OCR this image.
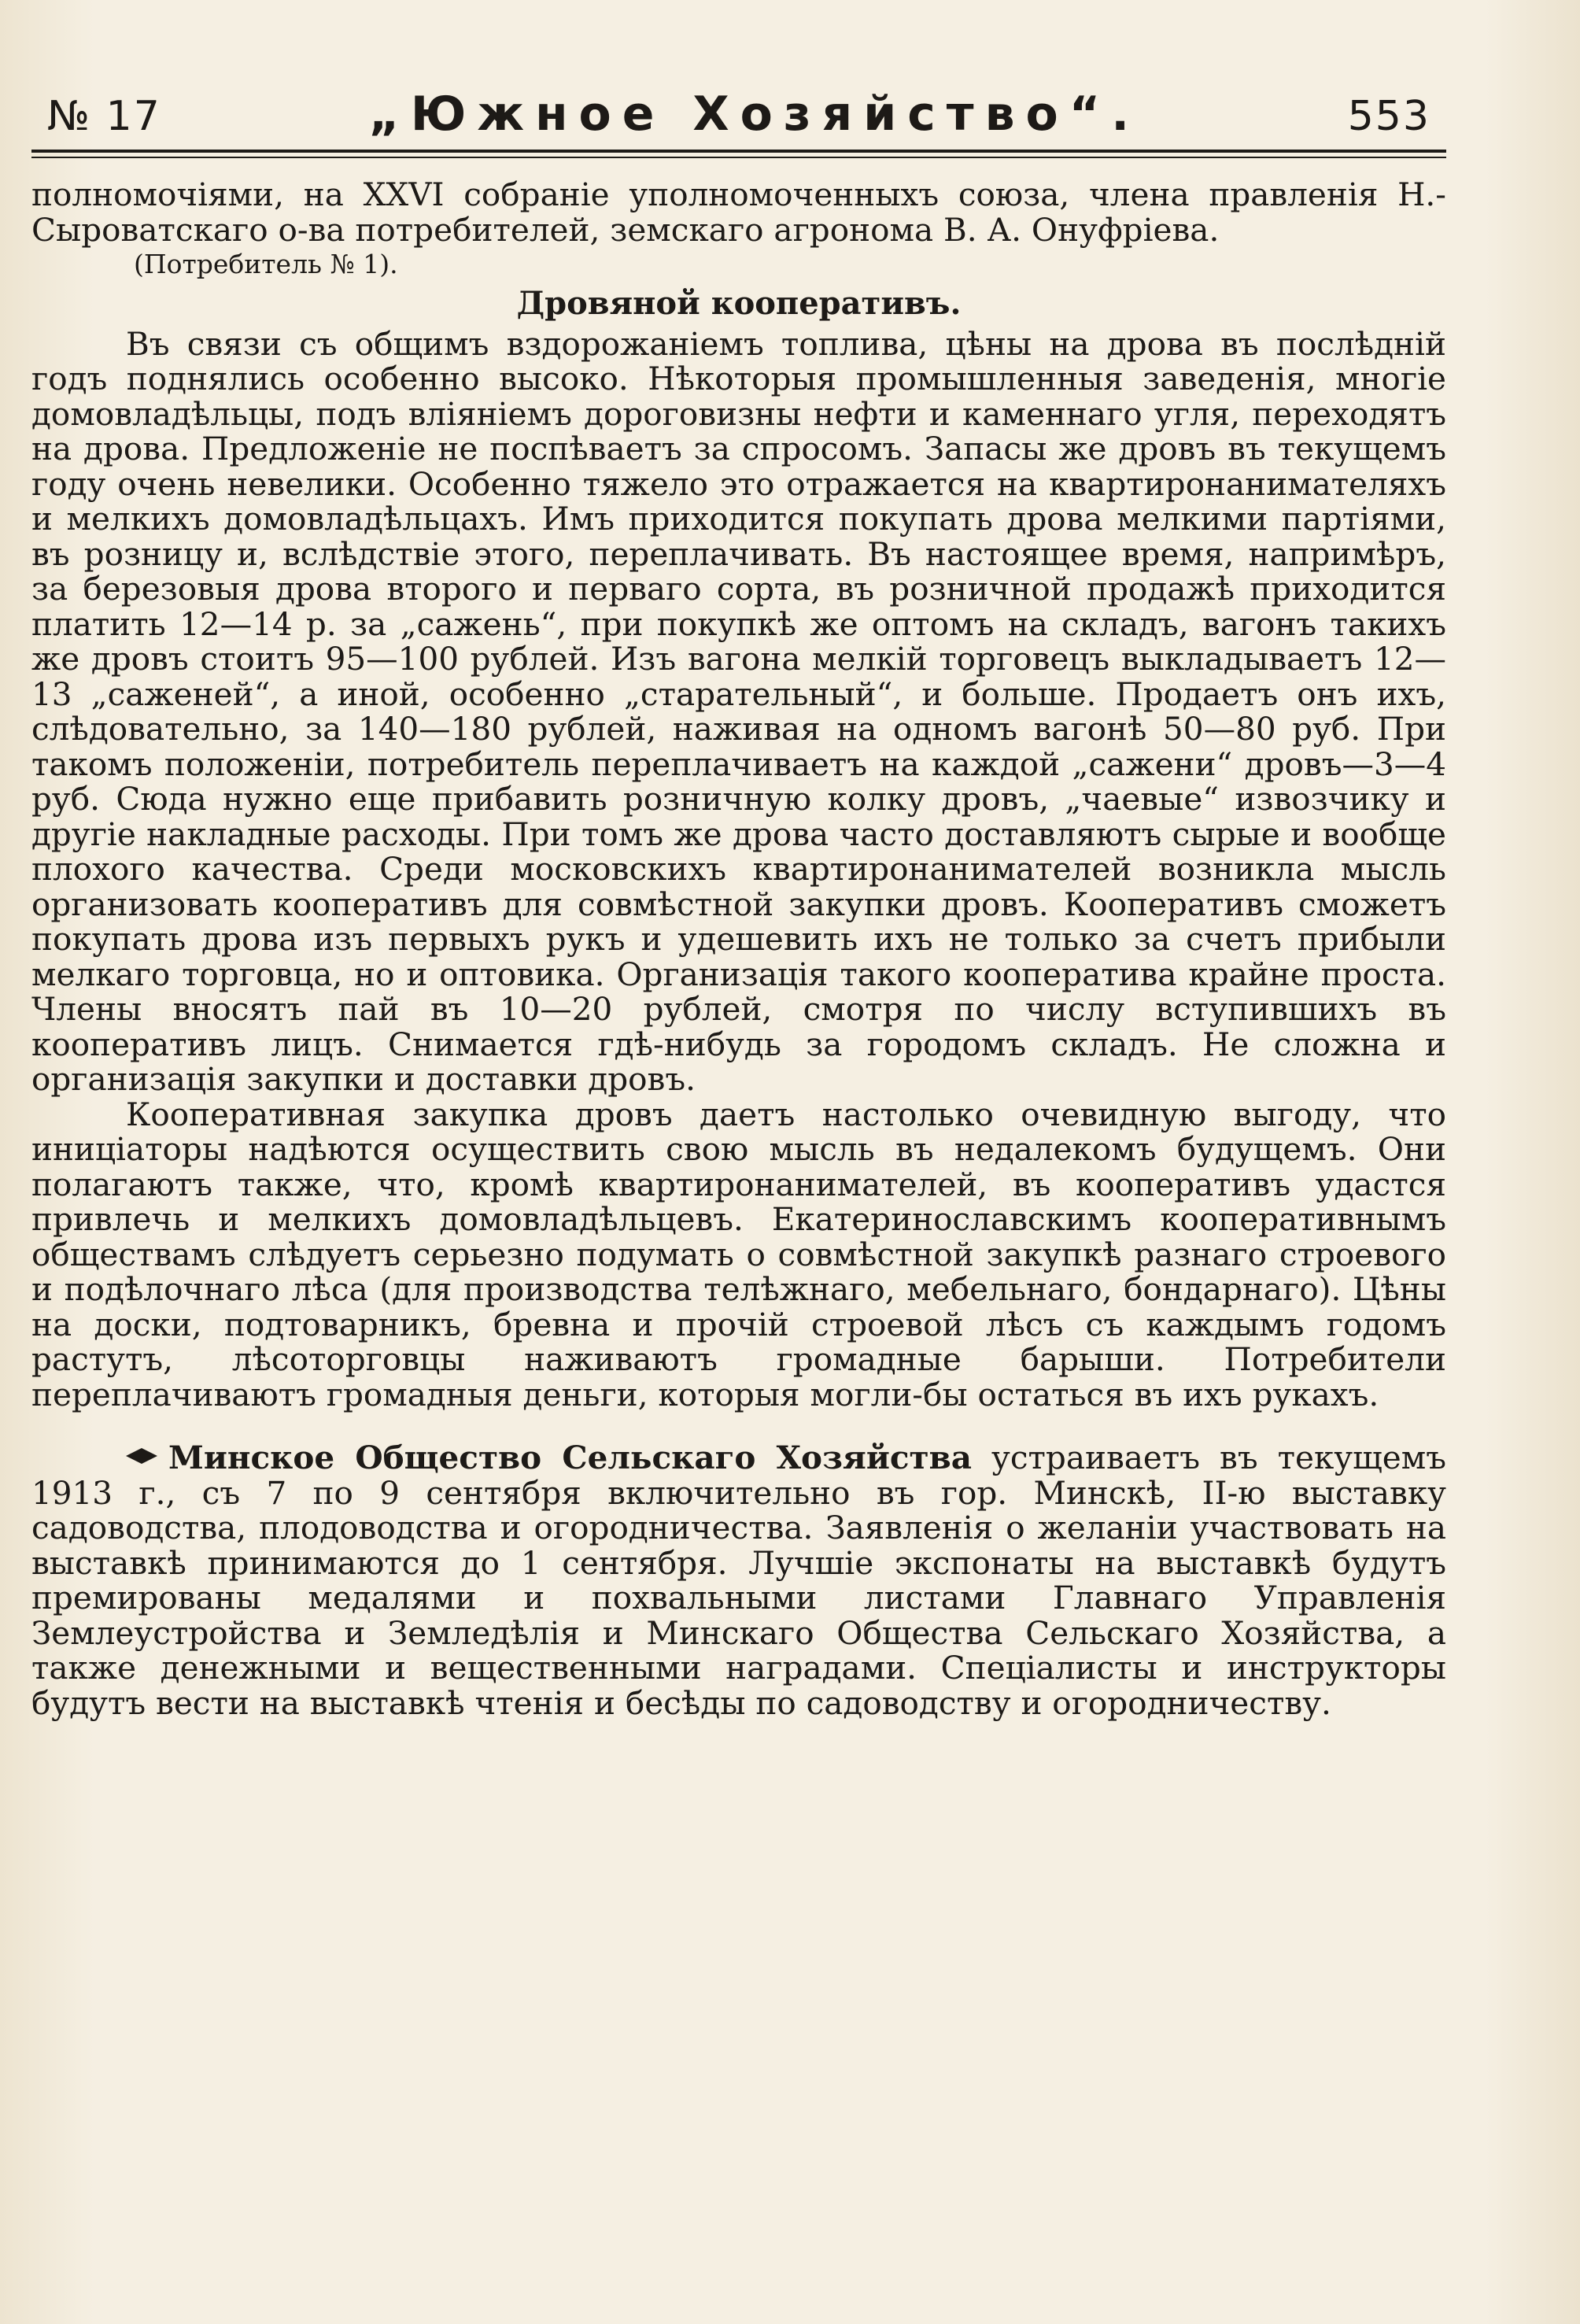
№ 17	„Южное Хозяйство“.	553

полномочіями, на XXVI собраніе уполномоченныхъ союза, члена правленія Н.-Сыроватскаго о-ва потребителей, земскаго агронома В. А. Онуфріева.

(Потребитель № 1).

Дровяной кооперативъ.

Въ связи съ общимъ вздорожаніемъ топлива, цѣны на дрова въ послѣдній годъ поднялись особенно высоко. Нѣкоторыя промышленныя заведенія, многіе домовладѣльцы, подъ вліяніемъ дороговизны нефти и каменнаго угля, переходятъ на дрова. Предложеніе не поспѣваетъ за спросомъ. Запасы же дровъ въ текущемъ году очень невелики. Особенно тяжело это отражается на квартиронанимателяхъ и мелкихъ домовладѣльцахъ. Имъ приходится покупать дрова мелкими партіями, въ розницу и, вслѣдствіе этого, переплачивать. Въ настоящее время, напримѣръ, за березовыя дрова второго и перваго сорта, въ розничной продажѣ приходится платить 12—14 р. за „сажень“, при покупкѣ же оптомъ на складъ, вагонъ такихъ же дровъ стоитъ 95—100 рублей. Изъ вагона мелкій торговецъ выкладываетъ 12—13 „саженей“, а иной, особенно „старательный“, и больше. Продаетъ онъ ихъ, слѣдовательно, за 140—180 рублей, наживая на одномъ вагонѣ 50—80 руб. При такомъ положеніи, потребитель переплачиваетъ на каждой „сажени“ дровъ—3—4 руб. Сюда нужно еще прибавить розничную колку дровъ, „чаевые“ извозчику и другіе накладные расходы. При томъ же дрова часто доставляютъ сырые и вообще плохого качества. Среди московскихъ квартиронанимателей возникла мысль организовать кооперативъ для совмѣстной закупки дровъ. Кооперативъ сможетъ покупать дрова изъ первыхъ рукъ и удешевить ихъ не только за счетъ прибыли мелкаго торговца, но и оптовика. Организація такого кооператива крайне проста. Члены вносятъ пай въ 10—20 рублей, смотря по числу вступившихъ въ кооперативъ лицъ. Снимается гдѣ-нибудь за городомъ складъ. Не сложна и организація закупки и доставки дровъ.

Кооперативная закупка дровъ даетъ настолько очевидную выгоду, что иниціаторы надѣются осуществить свою мысль въ недалекомъ будущемъ. Они полагаютъ также, что, кромѣ квартиронанимателей, въ кооперативъ удастся привлечь и мелкихъ домовладѣльцевъ. Екатеринославскимъ кооперативнымъ обществамъ слѣдуетъ серьезно подумать о совмѣстной закупкѣ разнаго строевого и подѣлочнаго лѣса (для производства телѣжнаго, мебельнаго, бондарнаго). Цѣны на доски, подтоварникъ, бревна и прочій строевой лѣсъ съ каждымъ годомъ растутъ, лѣсоторговцы наживаютъ громадные барыши. Потребители переплачиваютъ громадныя деньги, которыя могли-бы остаться въ ихъ рукахъ.

Минское Общество Сельскаго Хозяйства устраиваетъ въ текущемъ 1913 г., съ 7 по 9 сентября включительно въ гор. Минскѣ, II-ю выставку садоводства, плодоводства и огородничества. Заявленія о желаніи участвовать на выставкѣ принимаются до 1 сентября. Лучшіе экспонаты на выставкѣ будутъ премированы медалями и похвальными листами Главнаго Управленія Землеустройства и Земледѣлія и Минскаго Общества Сельскаго Хозяйства, а также денежными и вещественными наградами. Спеціалисты и инструкторы будутъ вести на выставкѣ чтенія и бесѣды по садоводству и огородничеству.
